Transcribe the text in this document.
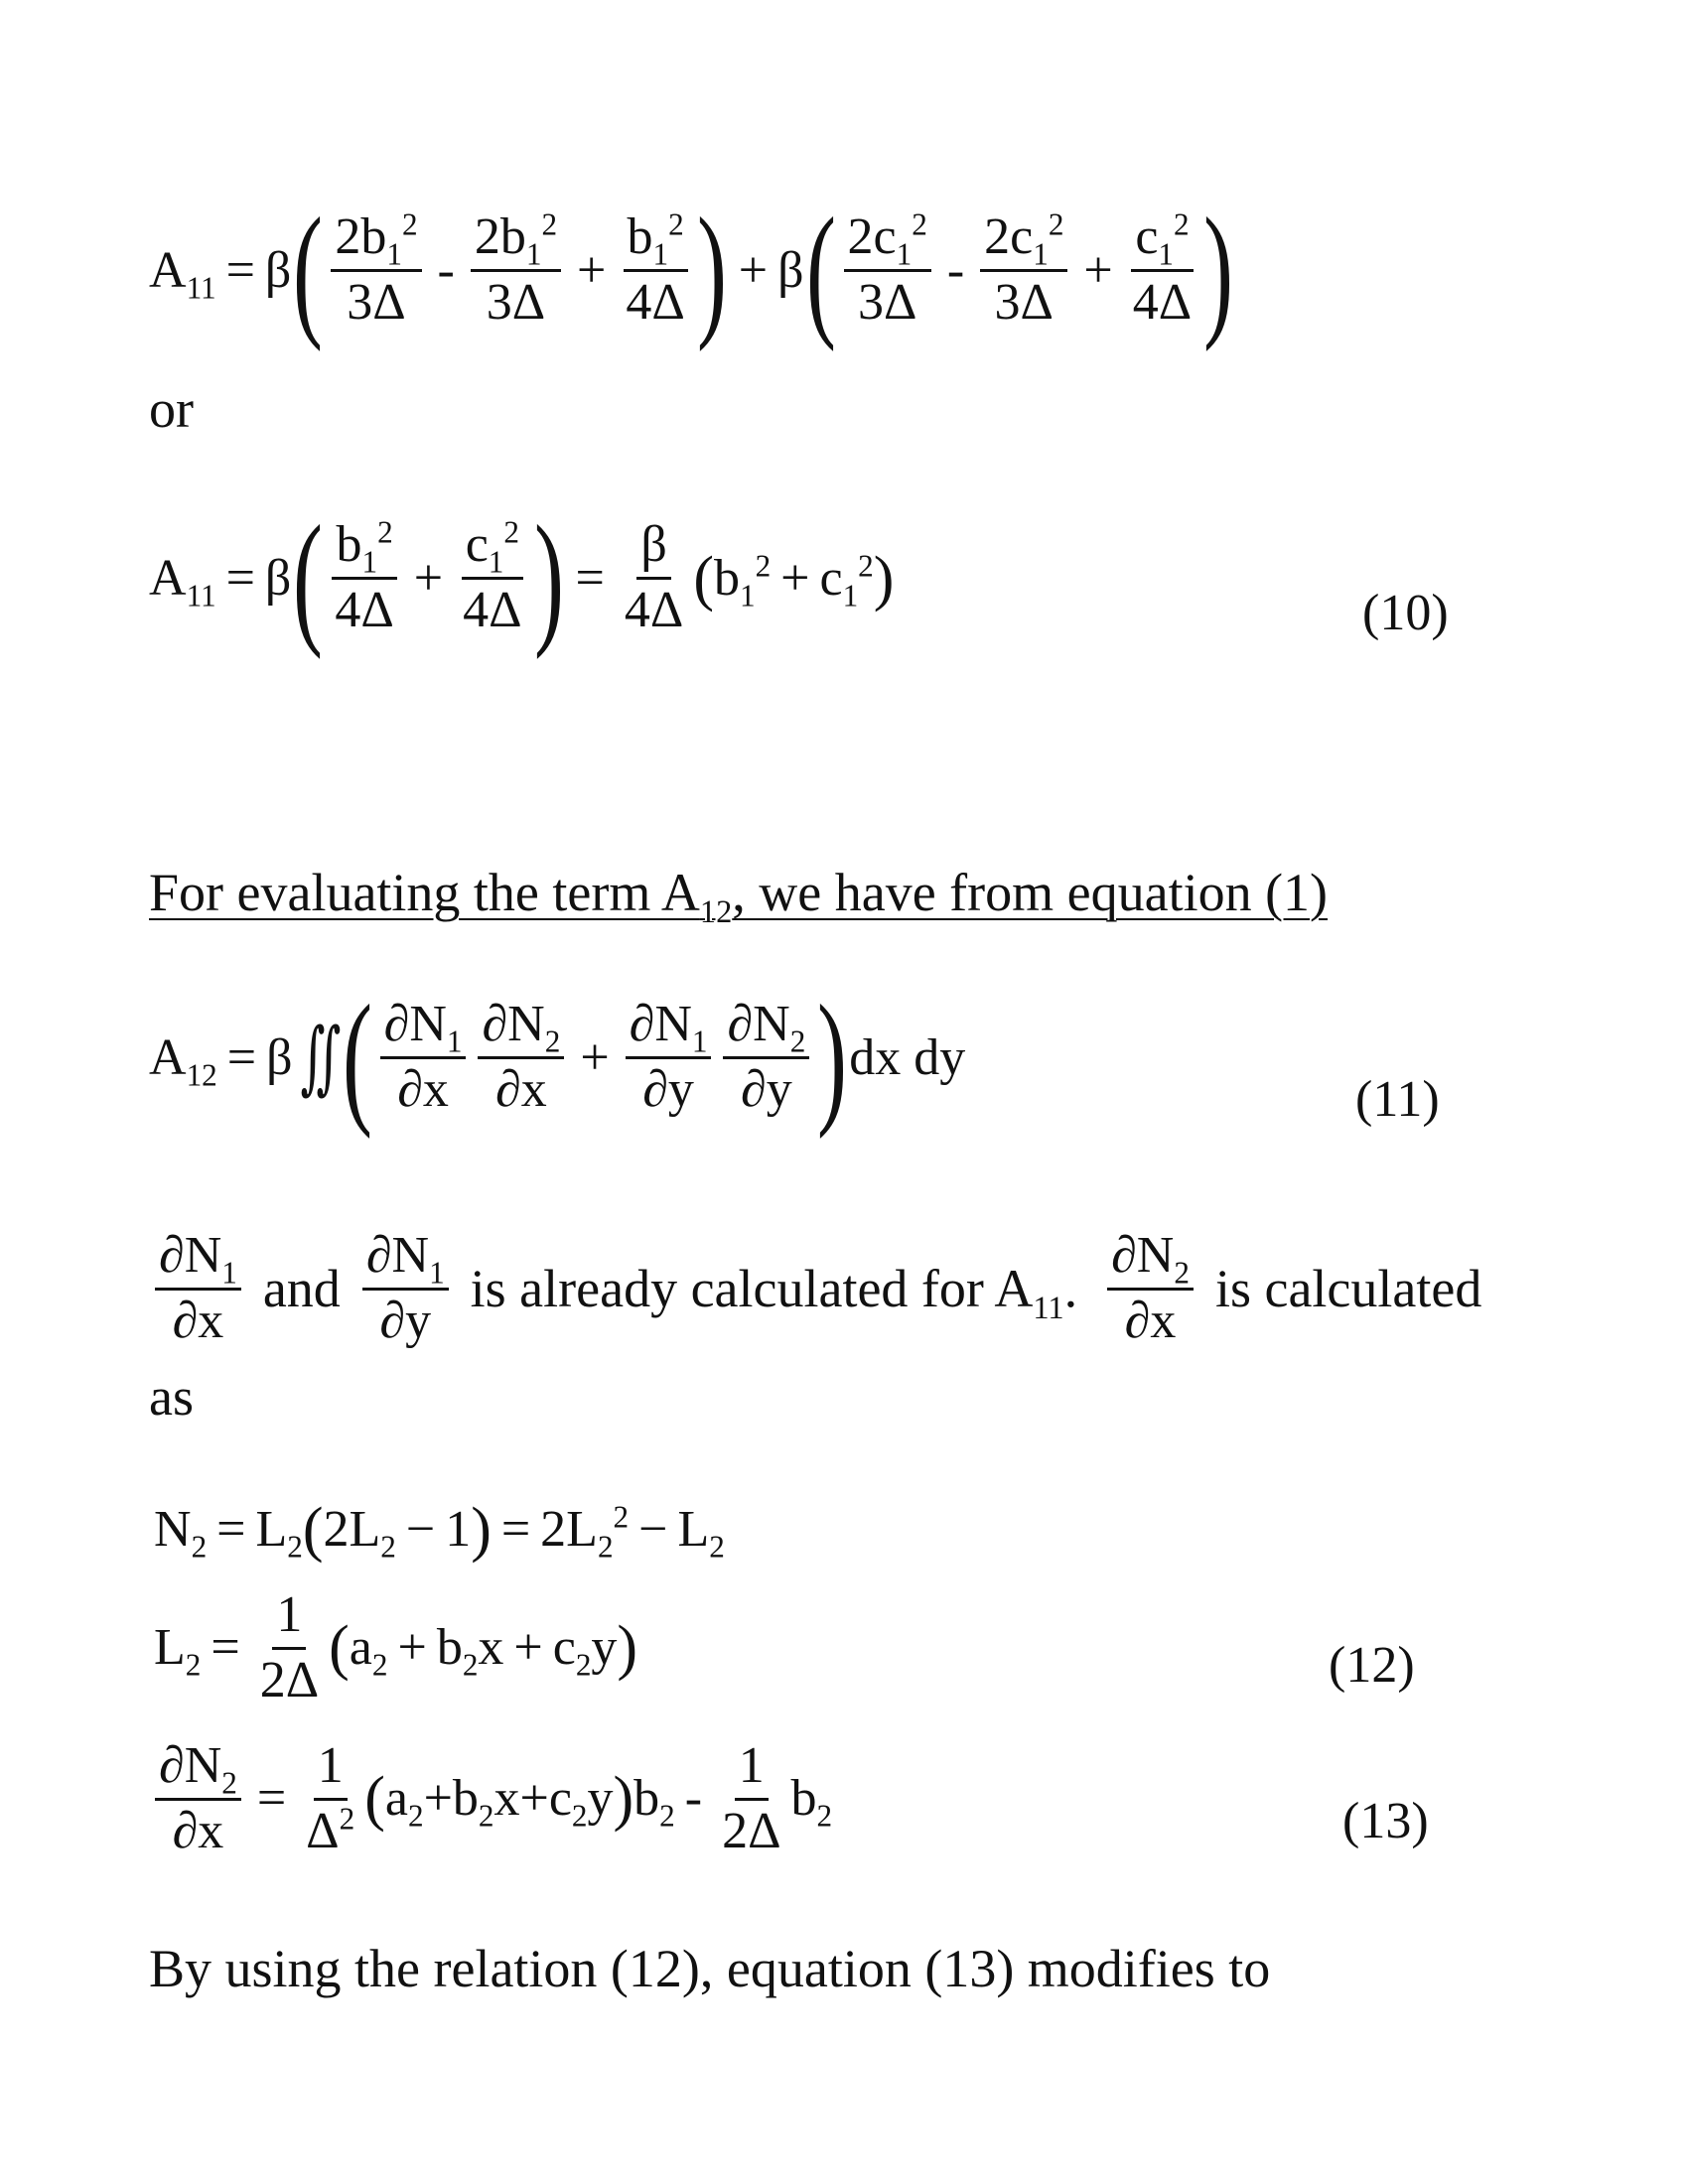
$A_{11} = \beta$ ( $\frac{2b_1^2}{3\Delta} - \frac{2b_1^2}{3\Delta} + \frac{b_1^2}{4\Delta}$ ) + β ( $\frac{2c_1^2}{3\Delta} - \frac{2c_1^2}{3\Delta} + \frac{c_1^2}{4\Delta}$ )
or
$A_{11} = \beta$ ( $\frac{b_1^2}{4\Delta} + \frac{c_1^2}{4\Delta}$ ) = $\frac{\beta}{4\Delta}$ ( $b_1^2 + c_1^2$ )
(10)
For evaluating the term $A_{12}$, we have from equation (1)
$A_{12} = \beta$ ∬ ( $\frac{\partial N_1}{\partial x} \frac{\partial N_2}{\partial x} + \frac{\partial N_1}{\partial y} \frac{\partial N_2}{\partial y}$ ) dx dy
(11)
$\frac{\partial N_1}{\partial x}$ and $\frac{\partial N_1}{\partial y}$ is already calculated for $A_{11}$. $\frac{\partial N_2}{\partial x}$ is calculated
as
$N_2 = L_2$ ( $2L_2 - 1$ ) = $2L_2^2 - L_2$
$L_2 = \frac{1}{2\Delta}$ ( $a_2 + b_2x + c_2y$ )	(12)
$\frac{\partial N_2}{\partial x} = \frac{1}{\Delta^2}$ ( $a_2 + b_2x + c_2y$ ) $b_2 - \frac{1}{2\Delta} b_2$	(13)
By using the relation (12), equation (13) modifies to
